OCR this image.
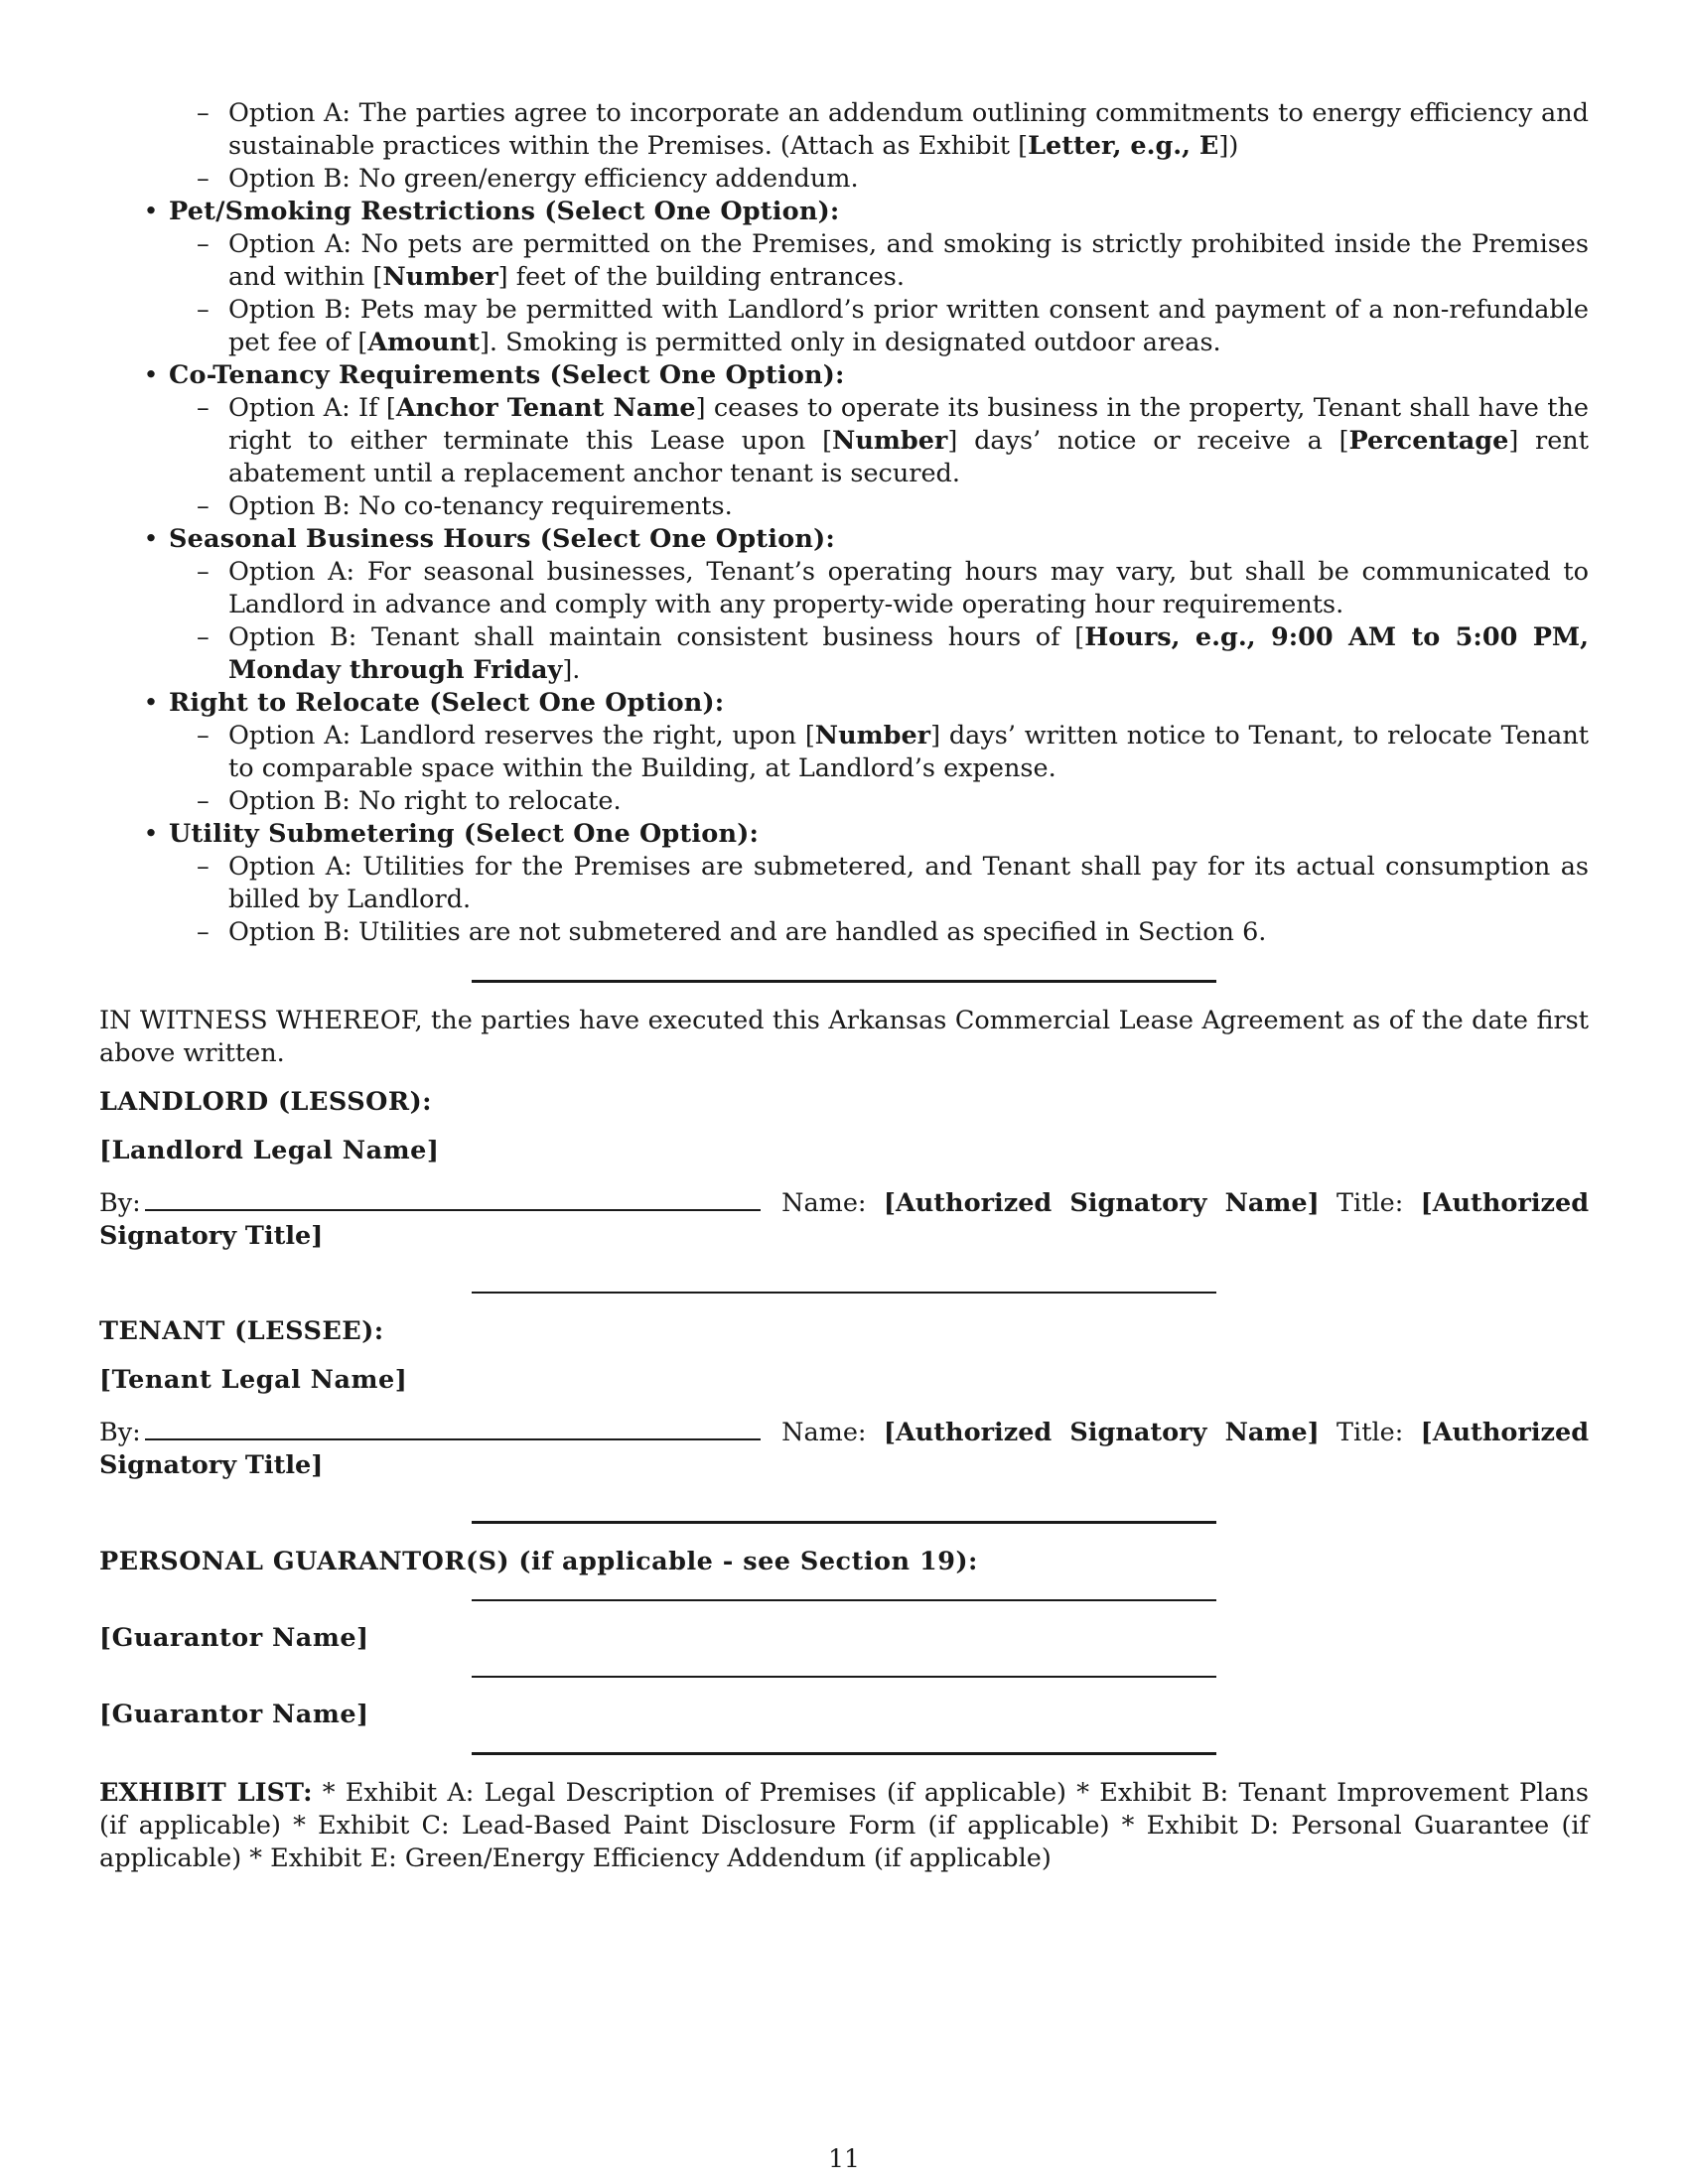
– Option A: The parties agree to incorporate an addendum outlining commitments to energy efficiency and sustainable practices within the Premises. (Attach as Exhibit [Letter, e.g., E])
– Option B: No green/energy efficiency addendum.
• Pet/Smoking Restrictions (Select One Option):
– Option A: No pets are permitted on the Premises, and smoking is strictly prohibited inside the Premises and within [Number] feet of the building entrances.
– Option B: Pets may be permitted with Landlord’s prior written consent and payment of a non-refundable pet fee of [Amount]. Smoking is permitted only in designated outdoor areas.
• Co-Tenancy Requirements (Select One Option):
– Option A: If [Anchor Tenant Name] ceases to operate its business in the property, Tenant shall have the right to either terminate this Lease upon [Number] days’ notice or receive a [Percentage] rent abatement until a replacement anchor tenant is secured.
– Option B: No co-tenancy requirements.
• Seasonal Business Hours (Select One Option):
– Option A: For seasonal businesses, Tenant’s operating hours may vary, but shall be communicated to Landlord in advance and comply with any property-wide operating hour requirements.
– Option B: Tenant shall maintain consistent business hours of [Hours, e.g., 9:00 AM to 5:00 PM, Monday through Friday].
• Right to Relocate (Select One Option):
– Option A: Landlord reserves the right, upon [Number] days’ written notice to Tenant, to relocate Tenant to comparable space within the Building, at Landlord’s expense.
– Option B: No right to relocate.
• Utility Submetering (Select One Option):
– Option A: Utilities for the Premises are submetered, and Tenant shall pay for its actual consumption as billed by Landlord.
– Option B: Utilities are not submetered and are handled as specified in Section 6.
IN WITNESS WHEREOF, the parties have executed this Arkansas Commercial Lease Agreement as of the date first above written.
LANDLORD (LESSOR):
[Landlord Legal Name]
By:	Name: [Authorized Signatory Name] Title: [Authorized Signatory Title]
TENANT (LESSEE):
[Tenant Legal Name]
By:	Name: [Authorized Signatory Name] Title: [Authorized Signatory Title]
PERSONAL GUARANTOR(S) (if applicable - see Section 19):
[Guarantor Name]
[Guarantor Name]
EXHIBIT LIST: * Exhibit A: Legal Description of Premises (if applicable) * Exhibit B: Tenant Improvement Plans (if applicable) * Exhibit C: Lead-Based Paint Disclosure Form (if applicable) * Exhibit D: Personal Guarantee (if applicable) * Exhibit E: Green/Energy Efficiency Addendum (if applicable)
11
